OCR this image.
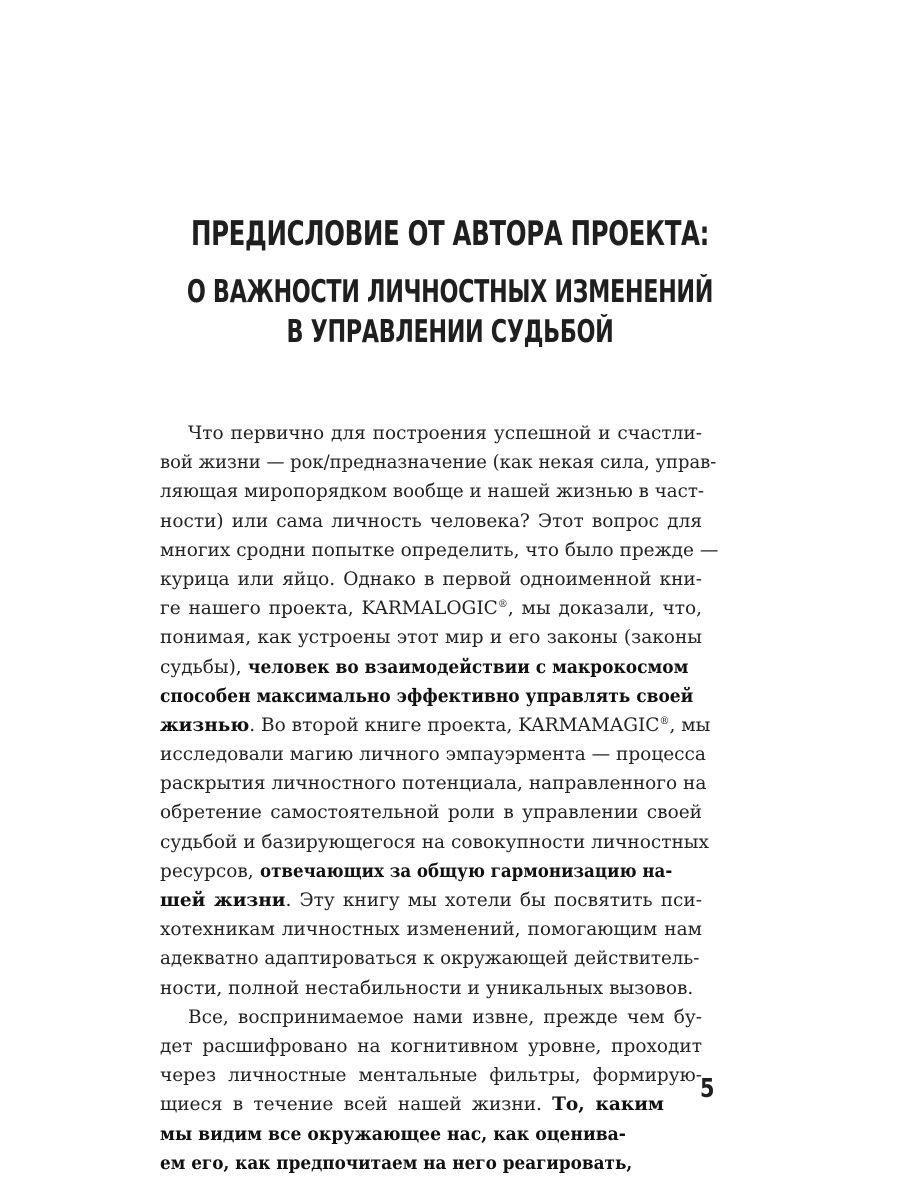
ПРЕДИСЛОВИЕ ОТ АВТОРА ПРОЕКТА:
О ВАЖНОСТИ ЛИЧНОСТНЫХ ИЗМЕНЕНИЙ
В УПРАВЛЕНИИ СУДЬБОЙ
Что первично для построения успешной и счастли-
вой жизни — рок/предназначение (как некая сила, управ-
ляющая миропорядком вообще и нашей жизнью в част-
ности) или сама личность человека? Этот вопрос для
многих сродни попытке определить, что было прежде —
курица или яйцо. Однако в первой одноименной кни-
ге нашего проекта, KARMALOGIC®, мы доказали, что,
понимая, как устроены этот мир и его законы (законы
судьбы), человек во взаимодействии с макрокосмом
способен максимально эффективно управлять своей
жизнью. Во второй книге проекта, KARMAMAGIC®, мы
исследовали магию личного эмпауэрмента — процесса
раскрытия личностного потенциала, направленного на
обретение самостоятельной роли в управлении своей
судьбой и базирующегося на совокупности личностных
ресурсов, отвечающих за общую гармонизацию на-
шей жизни. Эту книгу мы хотели бы посвятить пси-
хотехникам личностных изменений, помогающим нам
адекватно адаптироваться к окружающей действитель-
ности, полной нестабильности и уникальных вызовов.
Все, воспринимаемое нами извне, прежде чем бу-
дет расшифровано на когнитивном уровне, проходит
через личностные ментальные фильтры, формирую-
щиеся в течение всей нашей жизни. То, каким
мы видим все окружающее нас, как оценива-
ем его, как предпочитаем на него реагировать,
5
